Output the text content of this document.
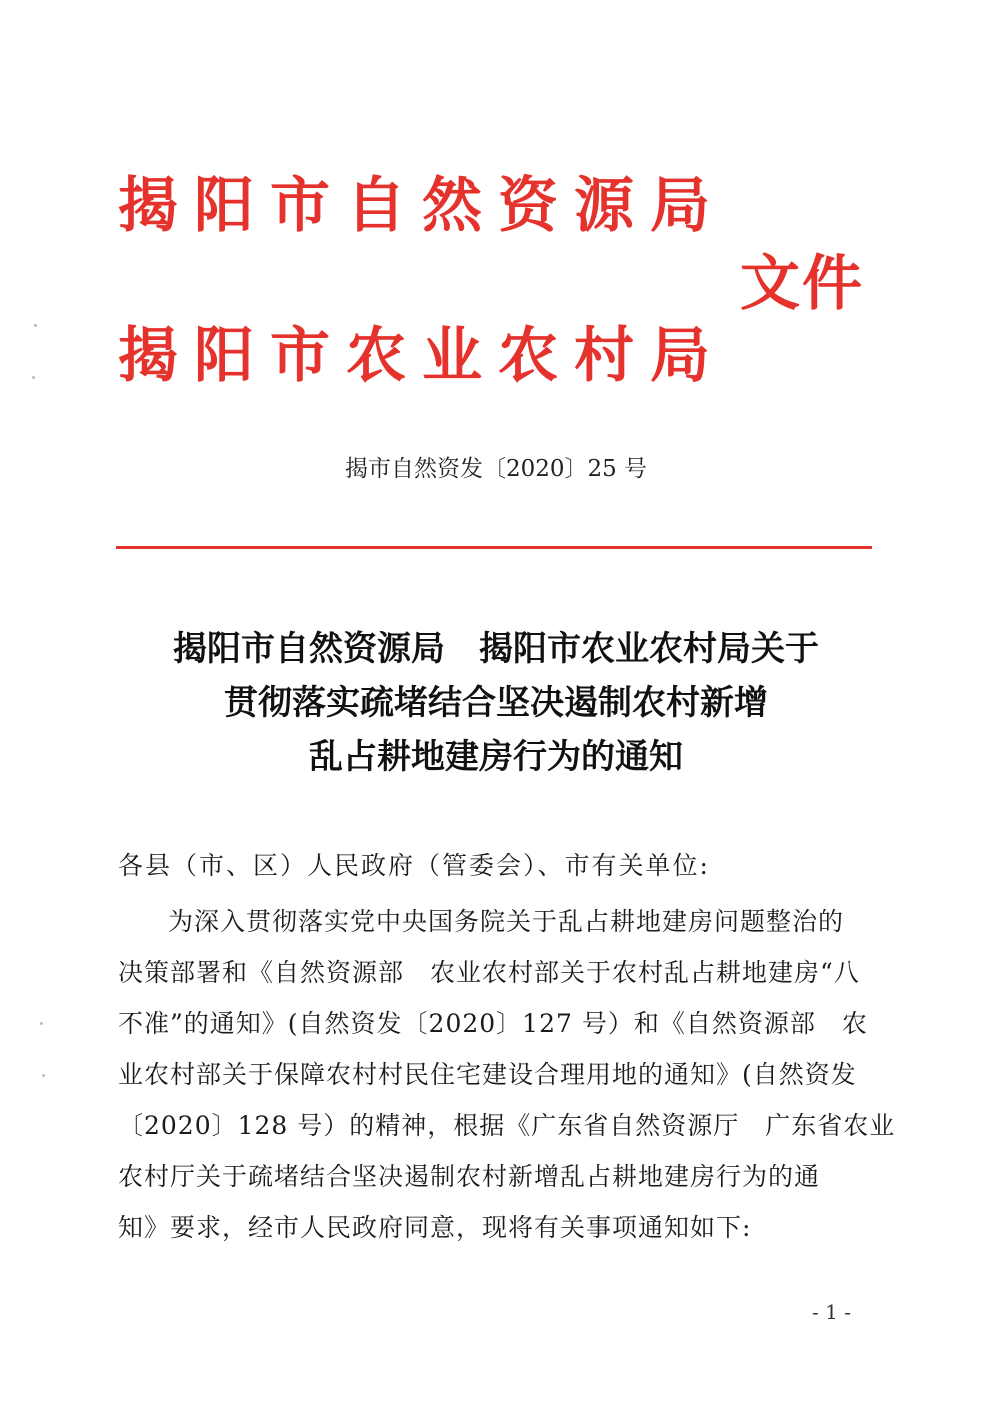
揭阳市自然资源局
文件
揭阳市农业农村局
揭市自然资发〔2020〕25 号
揭阳市自然资源局　揭阳市农业农村局关于
贯彻落实疏堵结合坚决遏制农村新增
乱占耕地建房行为的通知
各县（市、区）人民政府（管委会）、市有关单位:
为深入贯彻落实党中央国务院关于乱占耕地建房问题整治的
决策部署和《自然资源部　农业农村部关于农村乱占耕地建房“八
不准”的通知》(自然资发〔2020〕127 号）和《自然资源部　农
业农村部关于保障农村村民住宅建设合理用地的通知》(自然资发
〔2020〕128 号）的精神，根据《广东省自然资源厅　广东省农业
农村厅关于疏堵结合坚决遏制农村新增乱占耕地建房行为的通
知》要求，经市人民政府同意，现将有关事项通知如下:
- 1 -
